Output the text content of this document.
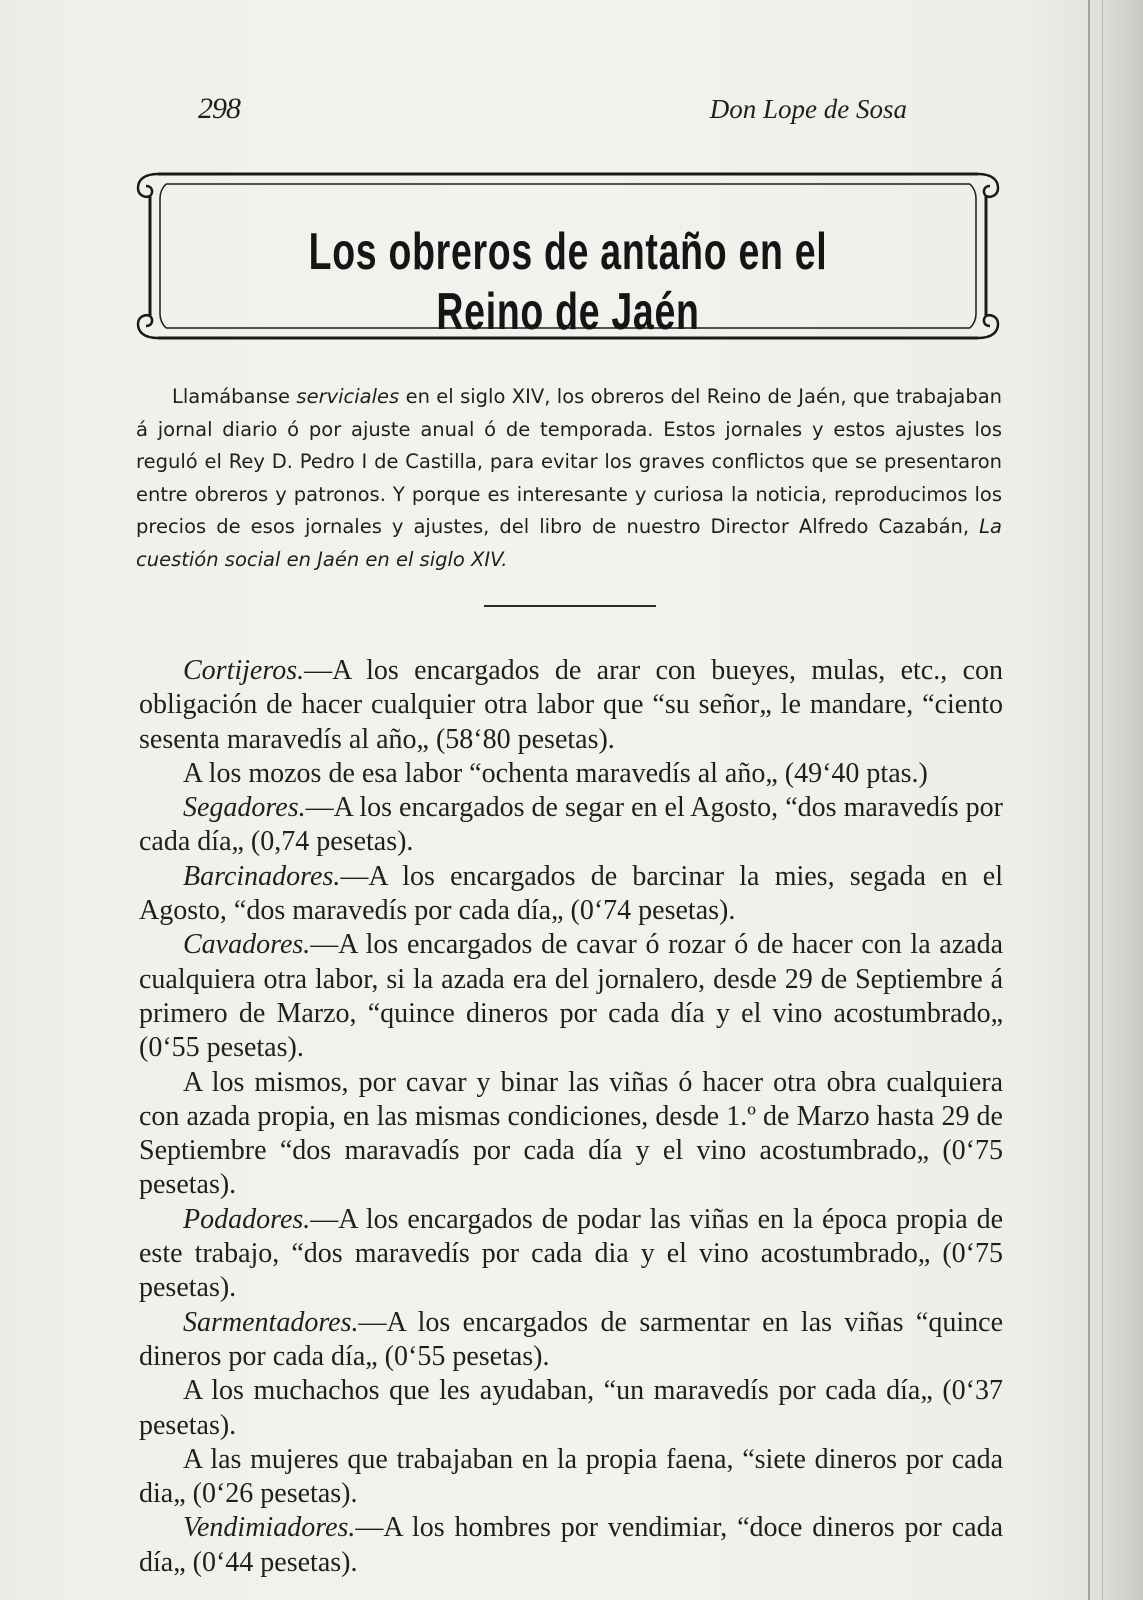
298	Don Lope de Sosa
Los obreros de antaño en el Reino de Jaén

Llamábanse serviciales en el siglo XIV, los obreros del Reino de Jaén, que trabajaban á jornal diario ó por ajuste anual ó de temporada. Estos jornales y estos ajustes los reguló el Rey D. Pedro I de Castilla, para evitar los graves conflictos que se presentaron entre obreros y patronos. Y porque es interesante y curiosa la noticia, reproducimos los precios de esos jornales y ajustes, del libro de nuestro Director Alfredo Cazabán, La cuestión social en Jaén en el siglo XIV.

Cortijeros.—A los encargados de arar con bueyes, mulas, etc., con obligación de hacer cualquier otra labor que “su señor„ le mandare, “ciento sesenta maravedís al año„ (58‘80 pesetas).

A los mozos de esa labor “ochenta maravedís al año„ (49‘40 ptas.)

Segadores.—A los encargados de segar en el Agosto, “dos maravedís por cada día„ (0,74 pesetas).

Barcinadores.—A los encargados de barcinar la mies, segada en el Agosto, “dos maravedís por cada día„ (0‘74 pesetas).

Cavadores.—A los encargados de cavar ó rozar ó de hacer con la azada cualquiera otra labor, si la azada era del jornalero, desde 29 de Septiembre á primero de Marzo, “quince dineros por cada día y el vino acostumbrado„ (0‘55 pesetas).

A los mismos, por cavar y binar las viñas ó hacer otra obra cualquiera con azada propia, en las mismas condiciones, desde 1.º de Marzo hasta 29 de Septiembre “dos maravadís por cada día y el vino acostumbrado„ (0‘75 pesetas).

Podadores.—A los encargados de podar las viñas en la época propia de este trabajo, “dos maravedís por cada dia y el vino acostumbrado„ (0‘75 pesetas).

Sarmentadores.—A los encargados de sarmentar en las viñas “quince dineros por cada día„ (0‘55 pesetas).

A los muchachos que les ayudaban, “un maravedís por cada día„ (0‘37 pesetas).

A las mujeres que trabajaban en la propia faena, “siete dineros por cada dia„ (0‘26 pesetas).

Vendimiadores.—A los hombres por vendimiar, “doce dineros por cada día„ (0‘44 pesetas).
